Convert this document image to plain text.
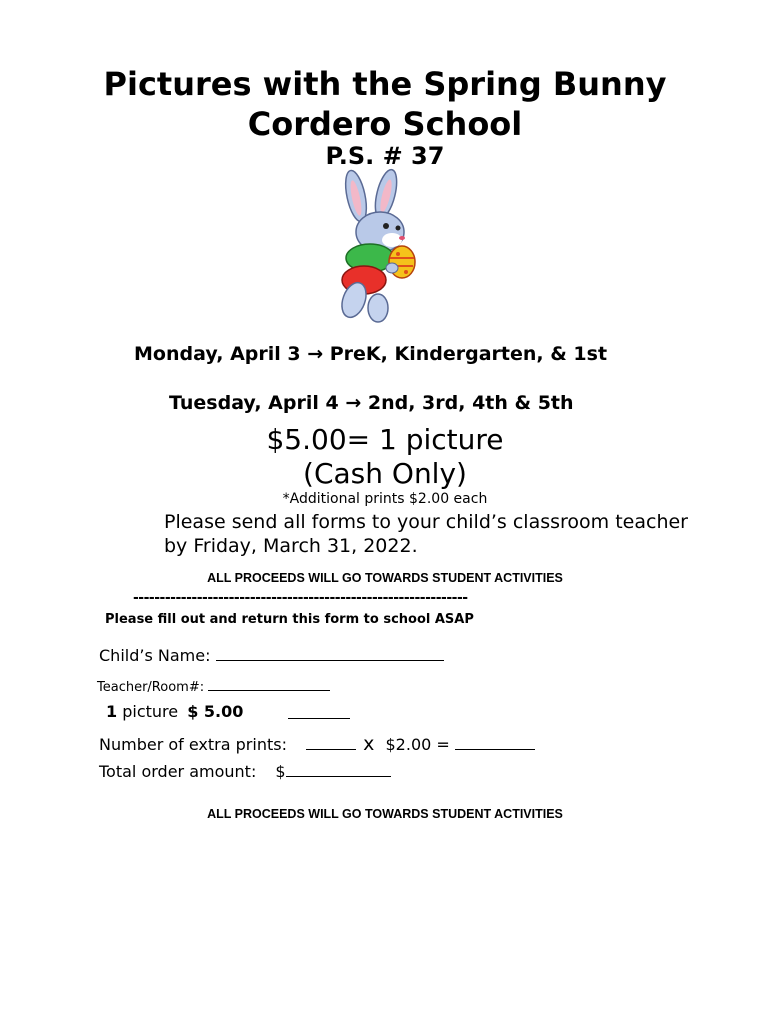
Pictures with the Spring Bunny
Cordero School
P.S. # 37
Monday, April 3 → PreK, Kindergarten, & 1st
Tuesday, April 4 → 2nd, 3rd, 4th & 5th
$5.00= 1 picture
(Cash Only)
*Additional prints $2.00 each
Please send all forms to your child’s classroom teacher
by Friday, March 31, 2022.
ALL PROCEEDS WILL GO TOWARDS STUDENT ACTIVITIES
---------------------------------------------------------------
Please fill out and return this form to school ASAP
Child’s Name:
Teacher/Room#:
1 picture $ 5.00
Number of extra prints:	x $2.00 =
Total order amount: $
ALL PROCEEDS WILL GO TOWARDS STUDENT ACTIVITIES
